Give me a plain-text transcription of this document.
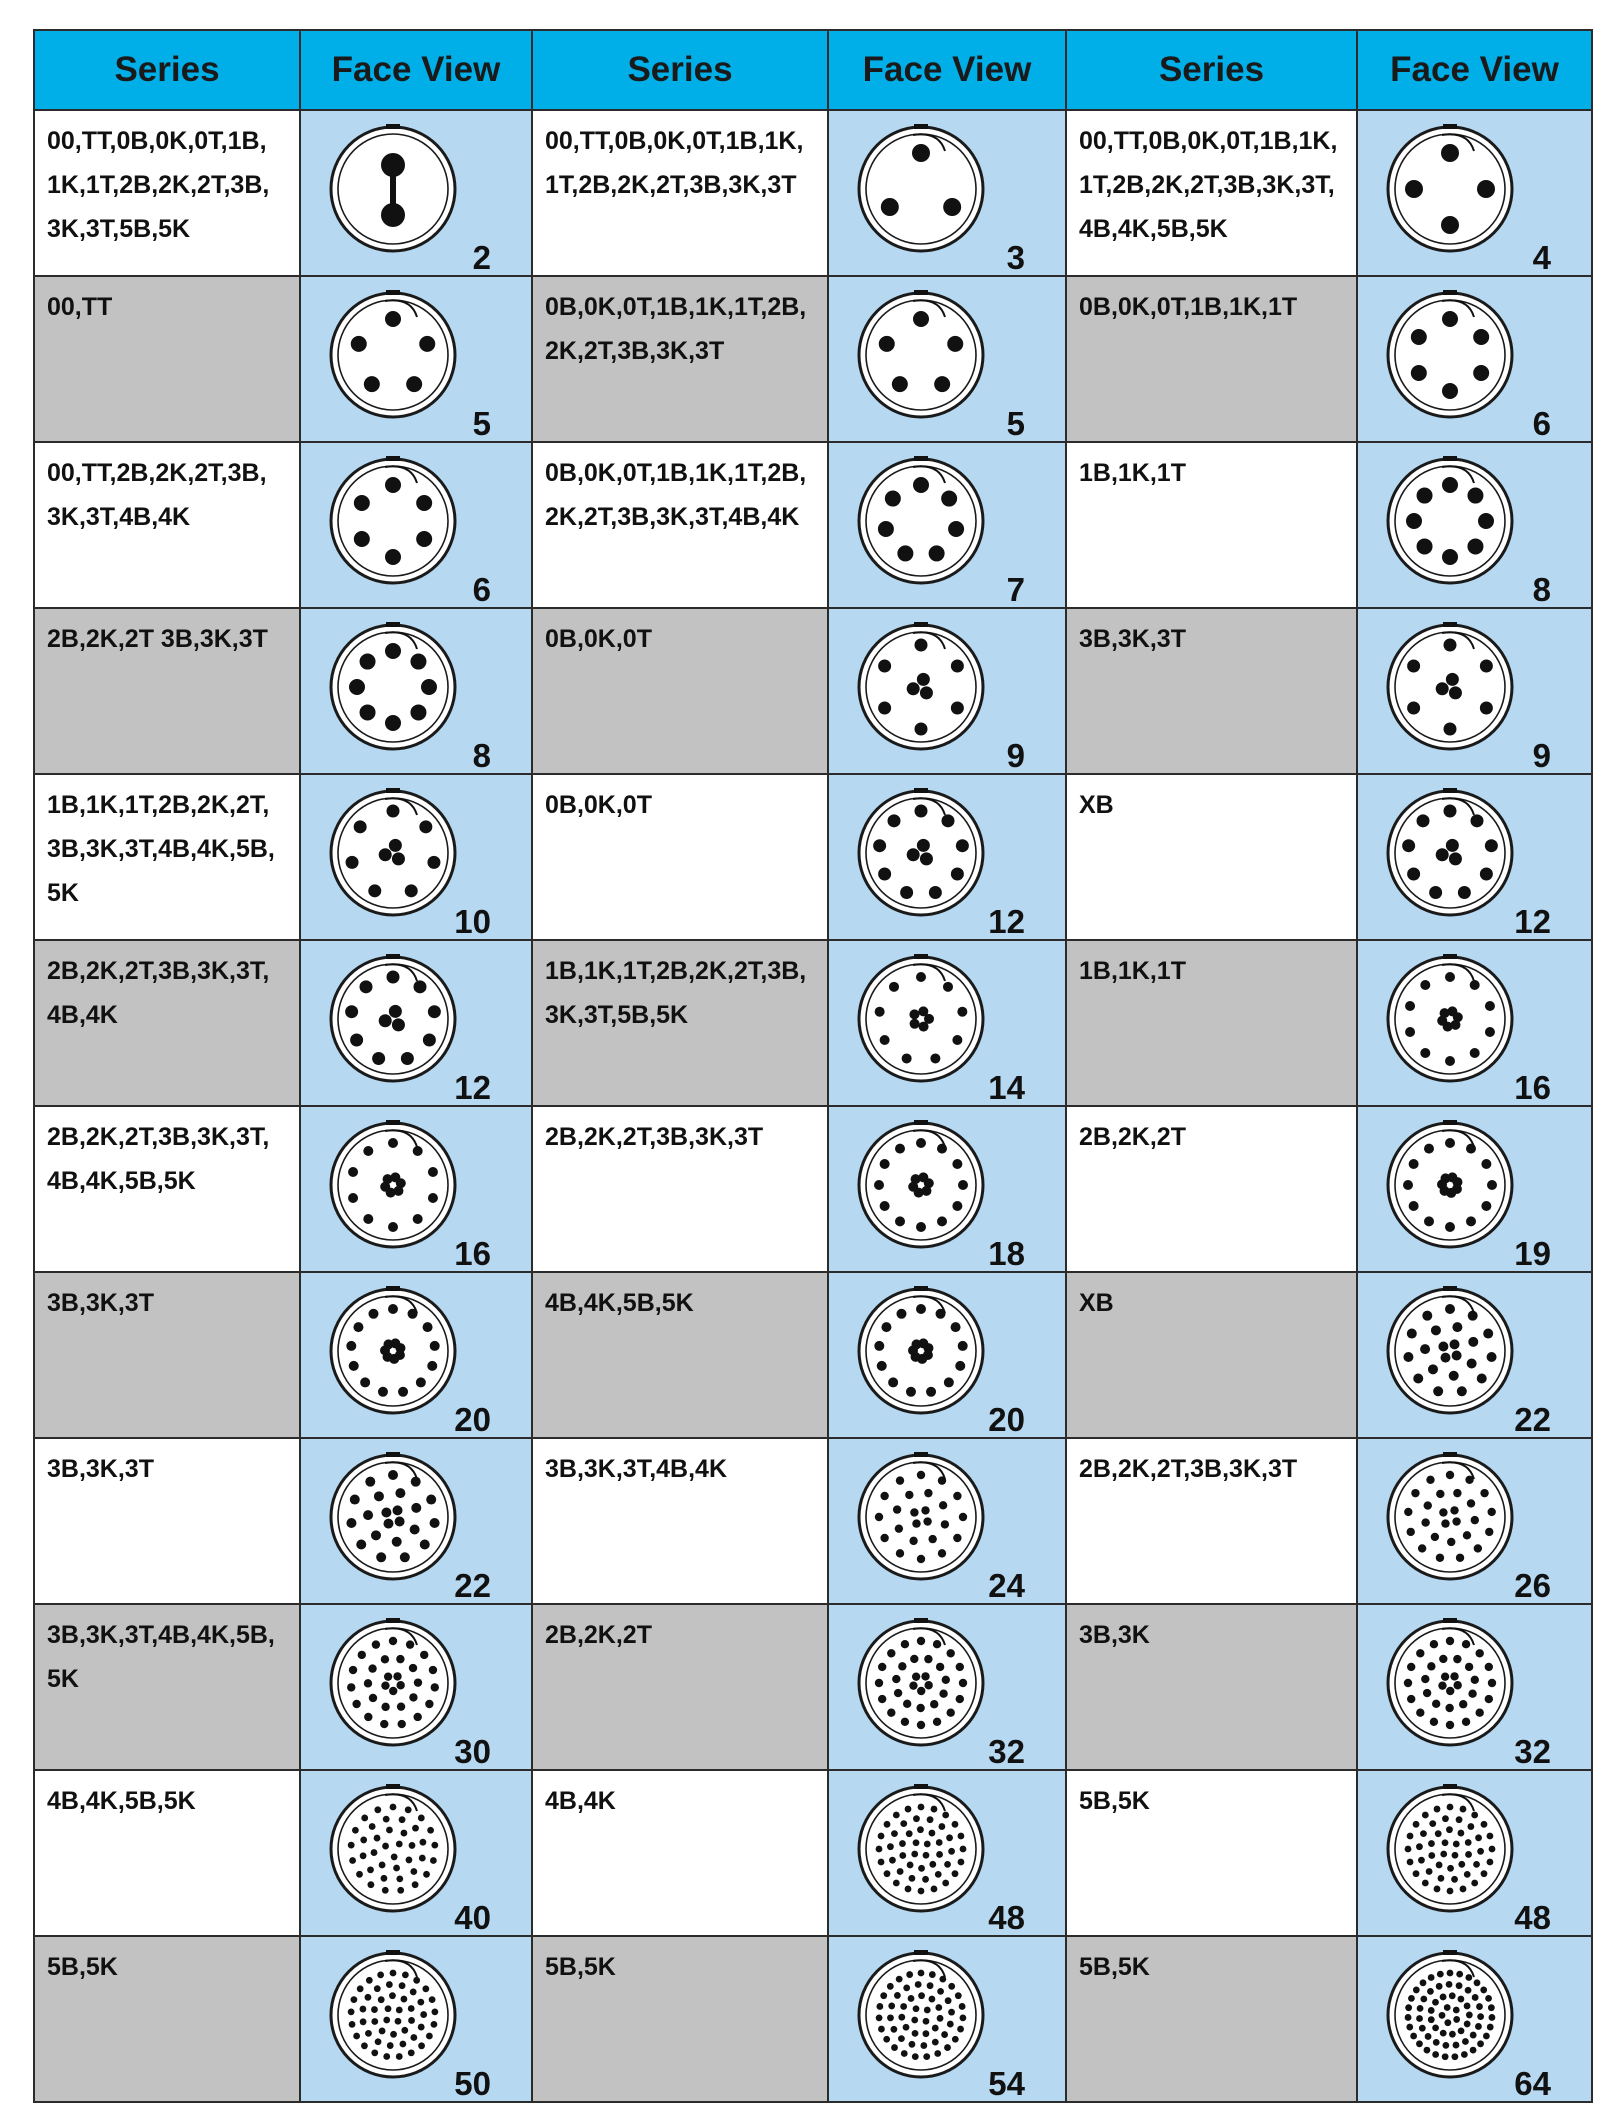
Series	Face View	Series	Face View	Series	Face View
00,TT,0B,0K,0T,1B, 1K,1T,2B,2K,2T,3B, 3K,3T,5B,5K	2	00,TT,0B,0K,0T,1B,1K, 1T,2B,2K,2T,3B,3K,3T	3	00,TT,0B,0K,0T,1B,1K, 1T,2B,2K,2T,3B,3K,3T, 4B,4K,5B,5K	4

00,TT	5	0B,0K,0T,1B,1K,1T,2B, 2K,2T,3B,3K,3T	5	0B,0K,0T,1B,1K,1T	6

00,TT,2B,2K,2T,3B, 3K,3T,4B,4K	6	0B,0K,0T,1B,1K,1T,2B, 2K,2T,3B,3K,3T,4B,4K	7	1B,1K,1T	8

2B,2K,2T 3B,3K,3T	8	0B,0K,0T	9	3B,3K,3T	9

1B,1K,1T,2B,2K,2T, 3B,3K,3T,4B,4K,5B, 5K	10	0B,0K,0T	12	XB	12

2B,2K,2T,3B,3K,3T, 4B,4K	12	1B,1K,1T,2B,2K,2T,3B, 3K,3T,5B,5K	14	1B,1K,1T	16

2B,2K,2T,3B,3K,3T, 4B,4K,5B,5K	16	2B,2K,2T,3B,3K,3T	18	2B,2K,2T	19

3B,3K,3T	20	4B,4K,5B,5K	20	XB	22

3B,3K,3T	22	3B,3K,3T,4B,4K	24	2B,2K,2T,3B,3K,3T	26

3B,3K,3T,4B,4K,5B, 5K	30	2B,2K,2T	32	3B,3K	32

4B,4K,5B,5K	40	4B,4K	48	5B,5K	48

5B,5K	50	5B,5K	54	5B,5K	64
